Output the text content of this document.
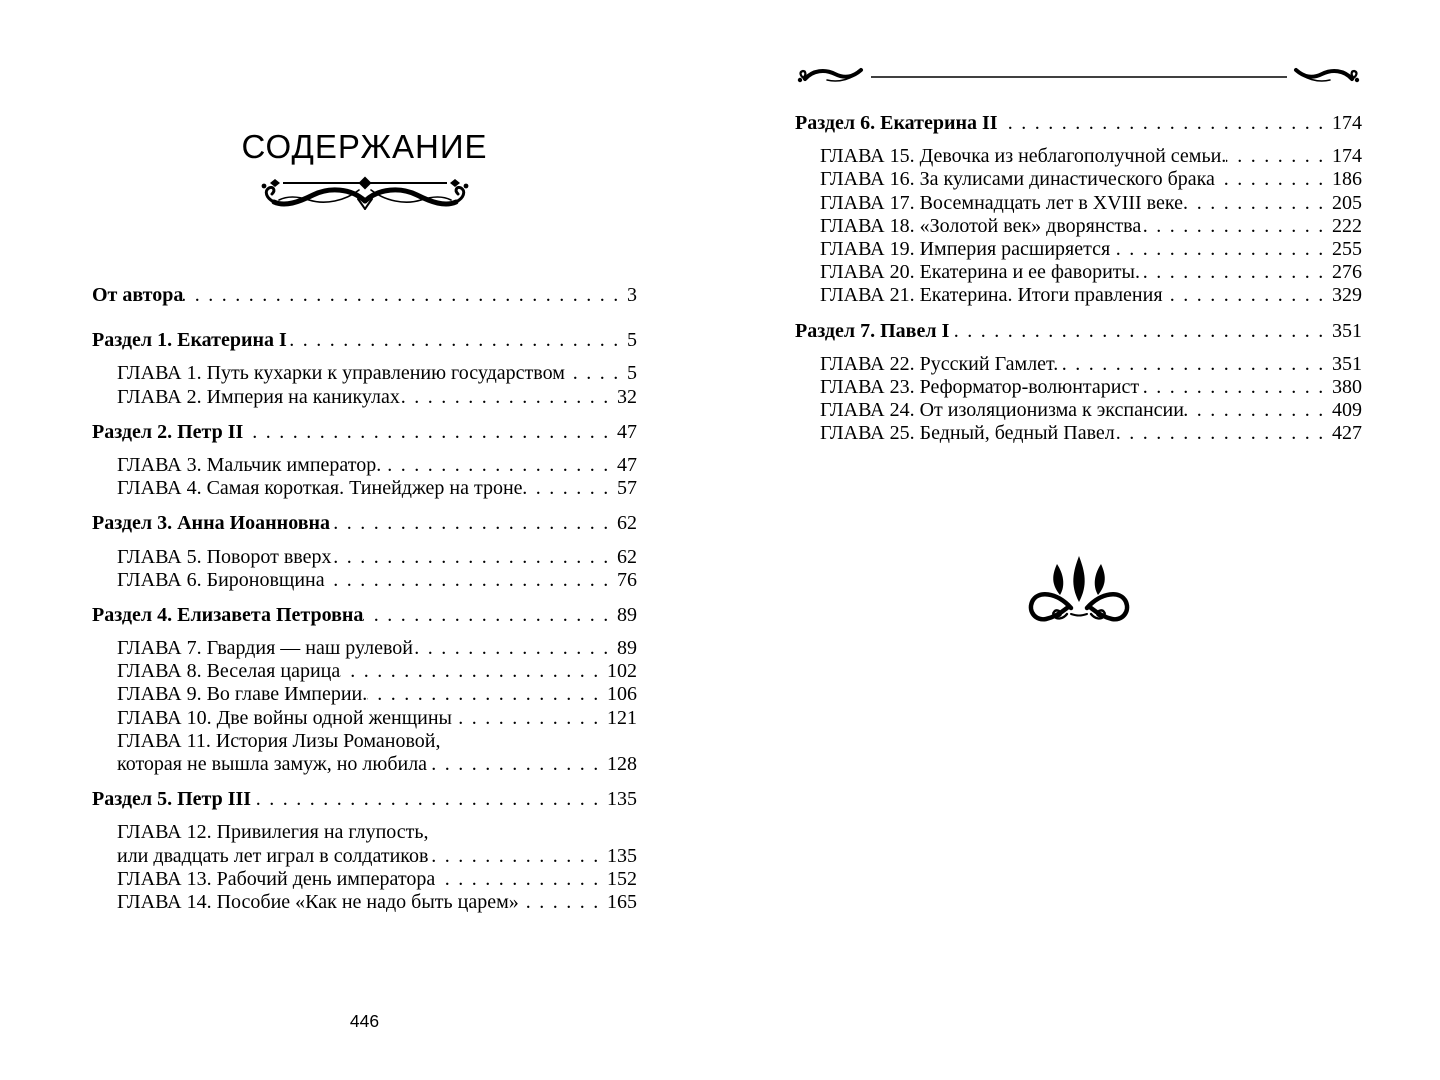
СОДЕРЖАНИЕ
От автора . . .	3
Раздел 1. Екатерина I . . .	5
ГЛАВА 1. Путь кухарки к управлению государством . . .	5
ГЛАВА 2. Империя на каникулах . . .	32
Раздел 2. Петр II . . .	47
ГЛАВА 3. Мальчик император. . . .	47
ГЛАВА 4. Самая короткая. Тинейджер на троне . . .	57
Раздел 3. Анна Иоанновна . . .	62
ГЛАВА 5. Поворот вверх . . .	62
ГЛАВА 6. Бироновщина . . .	76
Раздел 4. Елизавета Петровна . . .	89
ГЛАВА 7. Гвардия — наш рулевой . . .	89
ГЛАВА 8. Веселая царица . . .	102
ГЛАВА 9. Во главе Империи. . . .	106
ГЛАВА 10. Две войны одной женщины . . .	121
ГЛАВА 11. История Лизы Романовой,
которая не вышла замуж, но любила . . .	128
Раздел 5. Петр III . . .	135
ГЛАВА 12. Привилегия на глупость,
или двадцать лет играл в солдатиков . . .	135
ГЛАВА 13. Рабочий день императора . . .	152
ГЛАВА 14. Пособие «Как не надо быть царем» . . .	165
446
Раздел 6. Екатерина II . . .	174
ГЛАВА 15. Девочка из неблагополучной семьи. . . .	174
ГЛАВА 16. За кулисами династического брака . . .	186
ГЛАВА 17. Восемнадцать лет в XVIII веке. . . .	205
ГЛАВА 18. «Золотой век» дворянства . . .	222
ГЛАВА 19. Империя расширяется . . .	255
ГЛАВА 20. Екатерина и ее фавориты. . . .	276
ГЛАВА 21. Екатерина. Итоги правления . . .	329
Раздел 7. Павел I . . .	351
ГЛАВА 22. Русский Гамлет. . . .	351
ГЛАВА 23. Реформатор-волюнтарист . . .	380
ГЛАВА 24. От изоляционизма к экспансии . . .	409
ГЛАВА 25. Бедный, бедный Павел . . .	427
